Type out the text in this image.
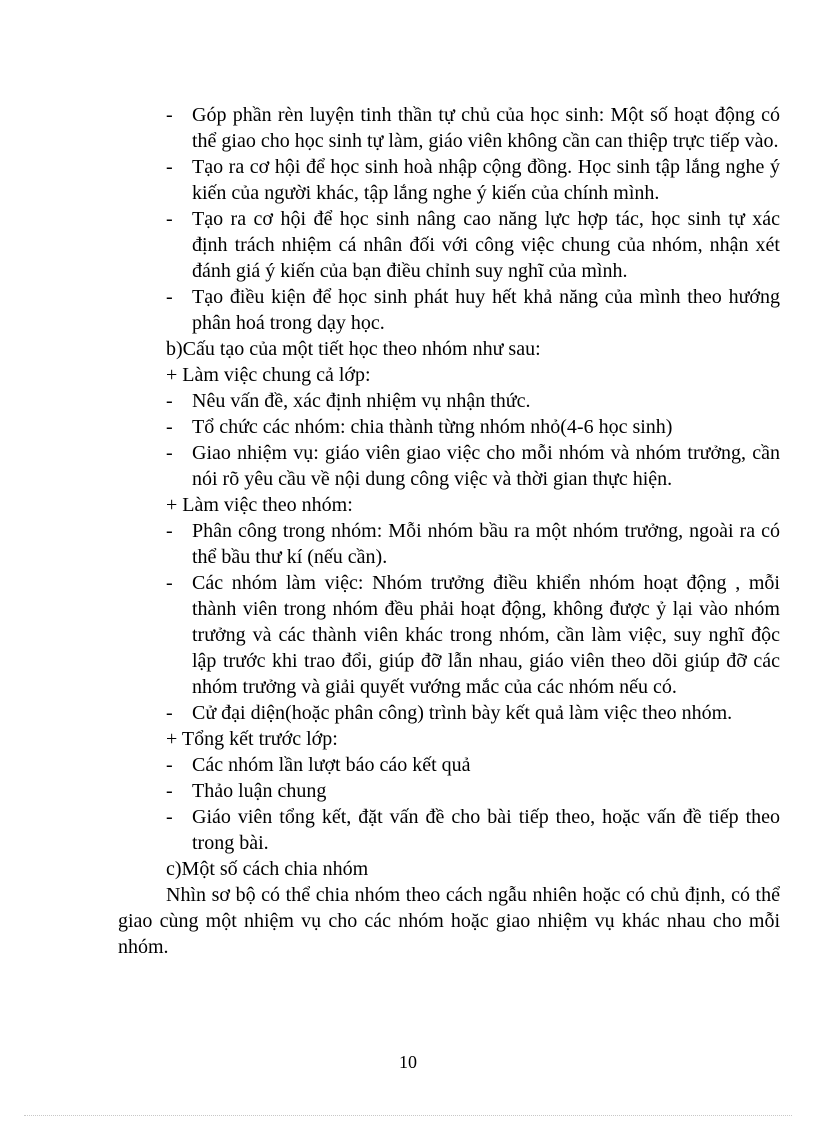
- Góp phần rèn luyện tinh thần tự chủ của học sinh: Một số hoạt động có thể giao cho học sinh tự làm, giáo viên không cần can thiệp trực tiếp vào.
- Tạo ra cơ hội để học sinh hoà nhập cộng đồng. Học sinh tập lắng nghe ý kiến của người khác, tập lắng nghe ý kiến của chính mình.
- Tạo ra cơ hội để học sinh nâng cao năng lực hợp tác, học sinh tự xác định trách nhiệm cá nhân đối với công việc chung của nhóm, nhận xét đánh giá ý kiến của bạn điều chỉnh suy nghĩ của mình.
- Tạo điều kiện để học sinh phát huy hết khả năng của mình theo hướng phân hoá trong dạy học.
b)Cấu tạo của một tiết học theo nhóm như sau:
+ Làm việc chung cả lớp:
- Nêu vấn đề, xác định nhiệm vụ nhận thức.
- Tổ chức các nhóm: chia thành từng nhóm nhỏ(4-6 học sinh)
- Giao nhiệm vụ: giáo viên giao việc cho mỗi nhóm và nhóm trưởng, cần nói rõ yêu cầu về nội dung công việc và thời gian thực hiện.
+ Làm việc theo nhóm:
- Phân công trong nhóm: Mỗi nhóm bầu ra một nhóm trưởng, ngoài ra có thể bầu thư kí (nếu cần).
- Các nhóm làm việc: Nhóm trưởng điều khiển nhóm hoạt động , mỗi thành viên trong nhóm đều phải hoạt động, không được ỷ lại vào nhóm trưởng và các thành viên khác trong nhóm, cần làm việc, suy nghĩ độc lập trước khi trao đổi, giúp đỡ lẫn nhau, giáo viên theo dõi giúp đỡ các nhóm trưởng và giải quyết vướng mắc của các nhóm nếu có.
- Cử đại diện(hoặc phân công) trình bày kết quả làm việc theo nhóm.
+ Tổng kết trước lớp:
- Các nhóm lần lượt báo cáo kết quả
- Thảo luận chung
- Giáo viên tổng kết, đặt vấn đề cho bài tiếp theo, hoặc vấn đề tiếp theo trong bài.
c)Một số cách chia nhóm
Nhìn sơ bộ có thể chia nhóm theo cách ngẫu nhiên hoặc có chủ định, có thể giao cùng một nhiệm vụ cho các nhóm hoặc giao nhiệm vụ khác nhau cho mỗi nhóm.
10
